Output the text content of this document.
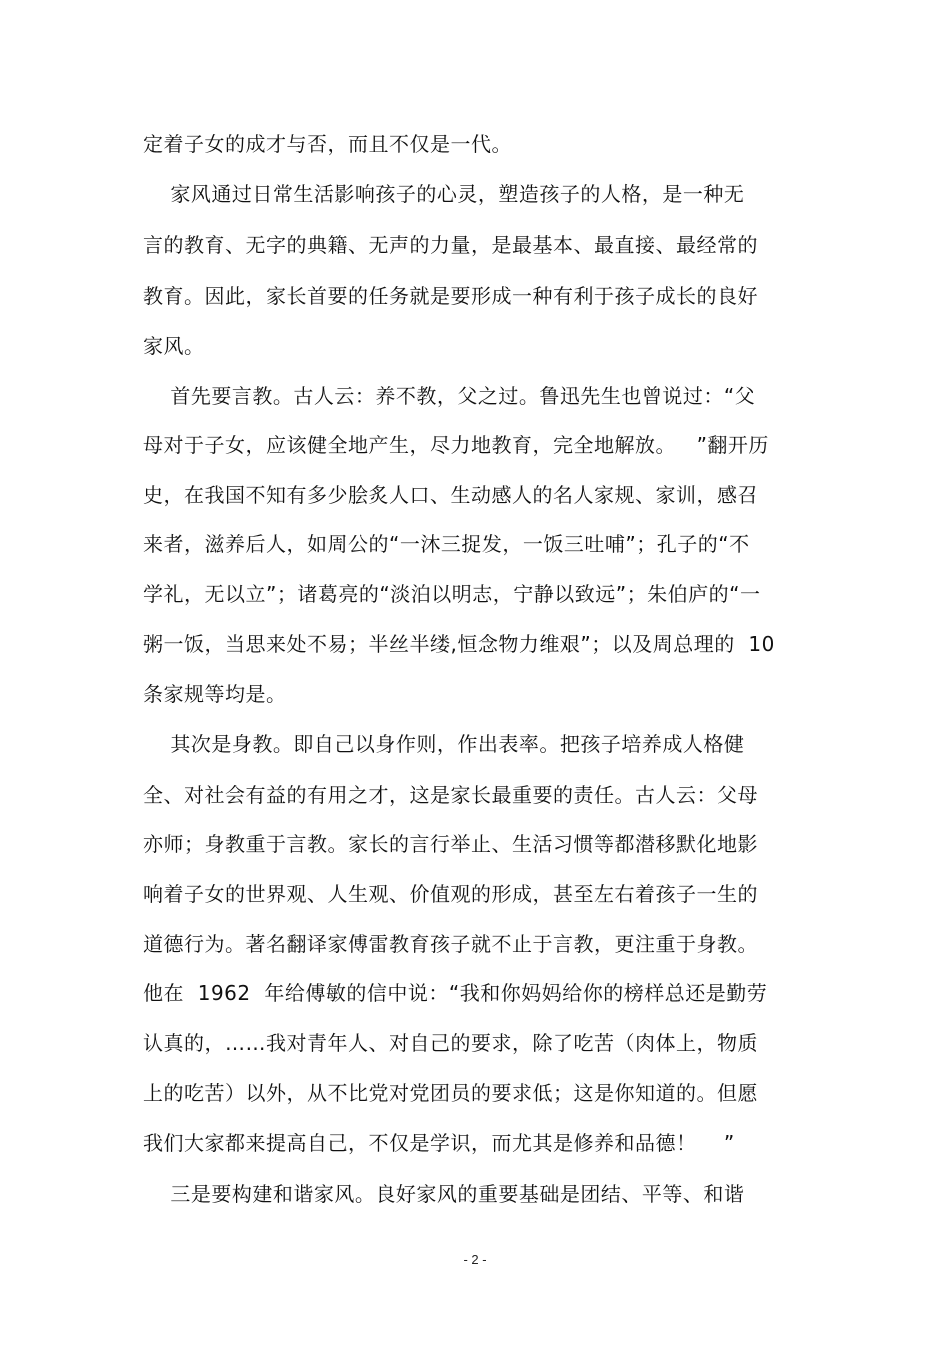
定着子女的成才与否，而且不仅是一代。
家风通过日常生活影响孩子的心灵，塑造孩子的人格，是一种无
言的教育、无字的典籍、无声的力量，是最基本、最直接、最经常的
教育。因此，家长首要的任务就是要形成一种有利于孩子成长的良好
家风。
首先要言教。古人云：养不教，父之过。鲁迅先生也曾说过：“父
母对于子女，应该健全地产生，尽力地教育，完全地解放。   ”翻开历
史，在我国不知有多少脍炙人口、生动感人的名人家规、家训，感召
来者，滋养后人，如周公的“一沐三捉发，一饭三吐哺”；孔子的“不
学礼，无以立”；诸葛亮的“淡泊以明志，宁静以致远”；朱伯庐的“一
粥一饭，当思来处不易；半丝半缕,恒念物力维艰”；以及周总理的  10
条家规等均是。
其次是身教。即自己以身作则，作出表率。把孩子培养成人格健
全、对社会有益的有用之才，这是家长最重要的责任。古人云：父母
亦师；身教重于言教。家长的言行举止、生活习惯等都潜移默化地影
响着子女的世界观、人生观、价值观的形成，甚至左右着孩子一生的
道德行为。著名翻译家傅雷教育孩子就不止于言教，更注重于身教。
他在  1962  年给傅敏的信中说：“我和你妈妈给你的榜样总还是勤劳
认真的，……我对青年人、对自己的要求，除了吃苦（肉体上，物质
上的吃苦）以外，从不比党对党团员的要求低；这是你知道的。但愿
我们大家都来提高自己，不仅是学识，而尤其是修养和品德！    ”
三是要构建和谐家风。良好家风的重要基础是团结、平等、和谐
- 2 -
